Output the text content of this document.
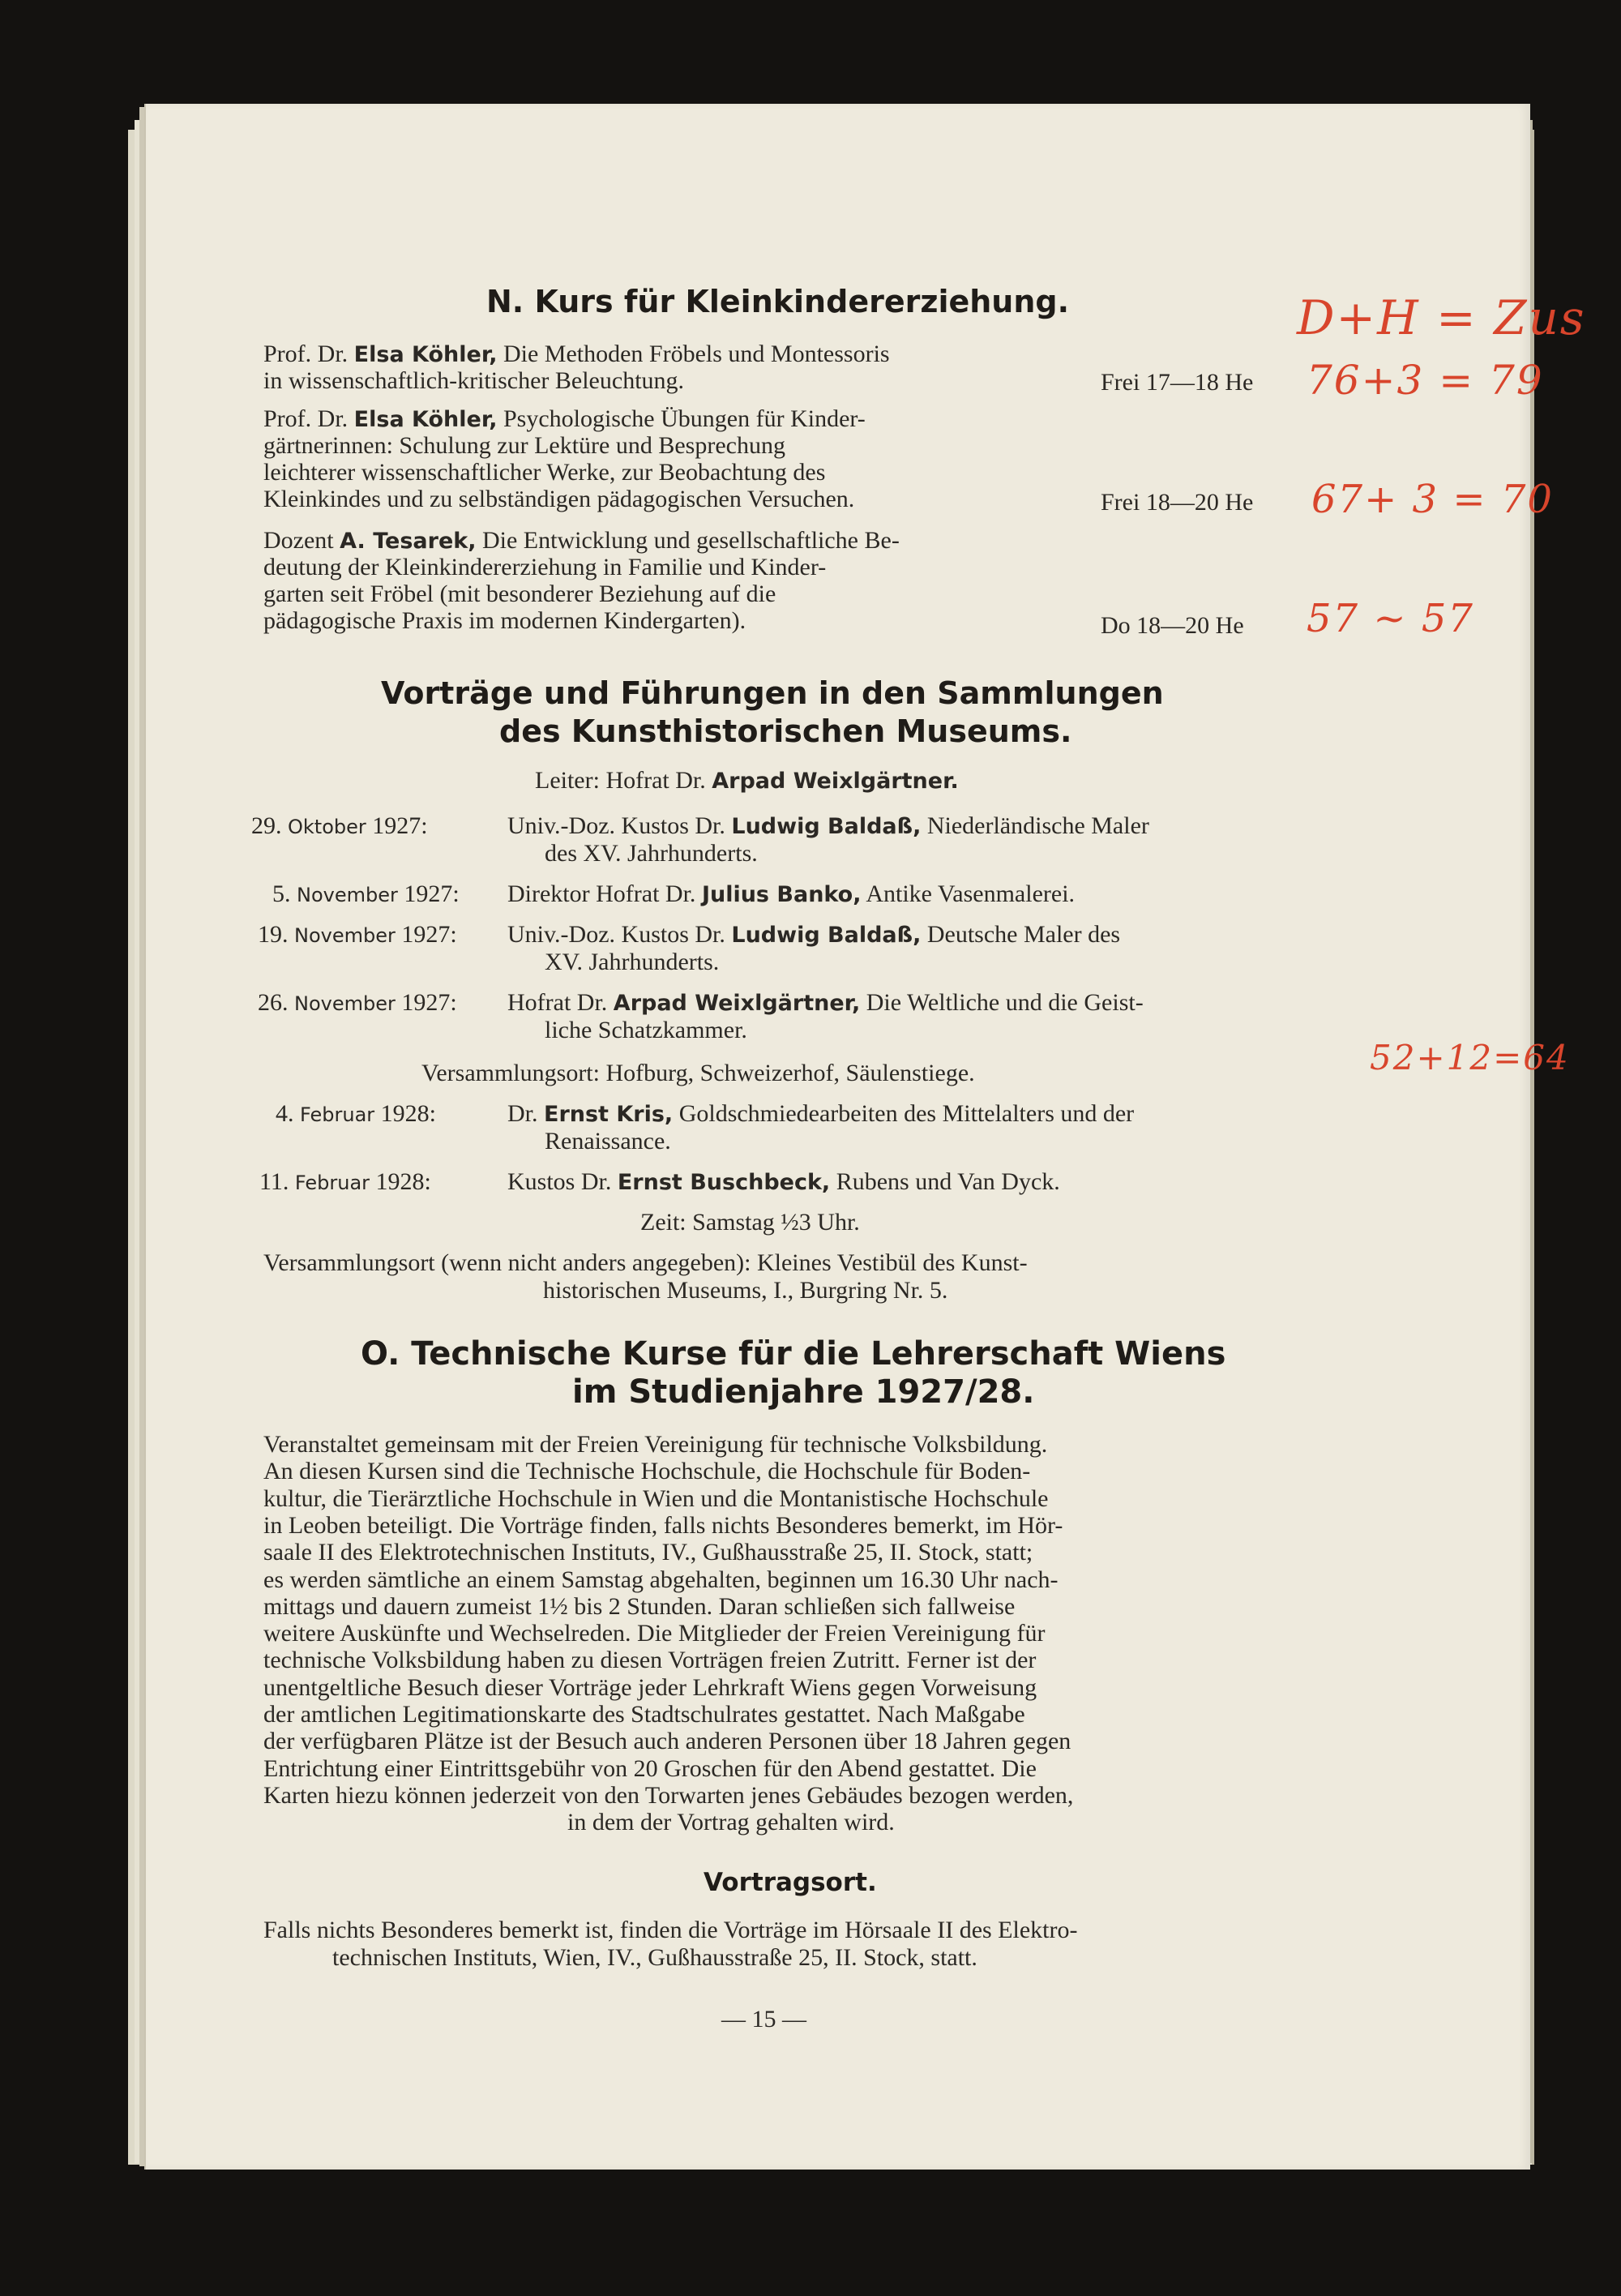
N. Kurs für Kleinkindererziehung.	D+H = Zus
Prof. Dr. Elsa Köhler, Die Methoden Fröbels und Montessoris
in wissenschaftlich-kritischer Beleuchtung.	Frei 17—18 He 76+3 = 79
Prof. Dr. Elsa Köhler, Psychologische Übungen für Kinder-
gärtnerinnen: Schulung zur Lektüre und Besprechung
leichterer wissenschaftlicher Werke, zur Beobachtung des
Kleinkindes und zu selbständigen pädagogischen Versuchen.	Frei 18—20 He 67+ 3 = 70
Dozent A. Tesarek, Die Entwicklung und gesellschaftliche Be-
deutung der Kleinkindererziehung in Familie und Kinder-
garten seit Fröbel (mit besonderer Beziehung auf die
pädagogische Praxis im modernen Kindergarten).	Do 18—20 He 57 ~ 57
Vorträge und Führungen in den Sammlungen
des Kunsthistorischen Museums.
Leiter: Hofrat Dr. Arpad Weixlgärtner.
29. Oktober 1927:	Univ.-Doz. Kustos Dr. Ludwig Baldaß, Niederländische Maler
des XV. Jahrhunderts.
5. November 1927: Direktor Hofrat Dr. Julius Banko, Antike Vasenmalerei.
19. November 1927: Univ.-Doz. Kustos Dr. Ludwig Baldaß, Deutsche Maler des
XV. Jahrhunderts.
26. November 1927: Hofrat Dr. Arpad Weixlgärtner, Die Weltliche und die Geist-
liche Schatzkammer.
Versammlungsort: Hofburg, Schweizerhof, Säulenstiege.	52+12=64
4. Februar 1928:	Dr. Ernst Kris, Goldschmiedearbeiten des Mittelalters und der
Renaissance.
11. Februar 1928:	Kustos Dr. Ernst Buschbeck, Rubens und Van Dyck.
Zeit: Samstag ½3 Uhr.
Versammlungsort (wenn nicht anders angegeben): Kleines Vestibül des Kunst-
historischen Museums, I., Burgring Nr. 5.
O. Technische Kurse für die Lehrerschaft Wiens
im Studienjahre 1927/28.
Veranstaltet gemeinsam mit der Freien Vereinigung für technische Volksbildung.
An diesen Kursen sind die Technische Hochschule, die Hochschule für Boden-
kultur, die Tierärztliche Hochschule in Wien und die Montanistische Hochschule
in Leoben beteiligt. Die Vorträge finden, falls nichts Besonderes bemerkt, im Hör-
saale II des Elektrotechnischen Instituts, IV., Gußhausstraße 25, II. Stock, statt;
es werden sämtliche an einem Samstag abgehalten, beginnen um 16.30 Uhr nach-
mittags und dauern zumeist 1½ bis 2 Stunden. Daran schließen sich fallweise
weitere Auskünfte und Wechselreden. Die Mitglieder der Freien Vereinigung für
technische Volksbildung haben zu diesen Vorträgen freien Zutritt. Ferner ist der
unentgeltliche Besuch dieser Vorträge jeder Lehrkraft Wiens gegen Vorweisung
der amtlichen Legitimationskarte des Stadtschulrates gestattet. Nach Maßgabe
der verfügbaren Plätze ist der Besuch auch anderen Personen über 18 Jahren gegen
Entrichtung einer Eintrittsgebühr von 20 Groschen für den Abend gestattet. Die
Karten hiezu können jederzeit von den Torwarten jenes Gebäudes bezogen werden,
in dem der Vortrag gehalten wird.
Vortragsort.
Falls nichts Besonderes bemerkt ist, finden die Vorträge im Hörsaale II des Elektro-
technischen Instituts, Wien, IV., Gußhausstraße 25, II. Stock, statt.
— 15 —
